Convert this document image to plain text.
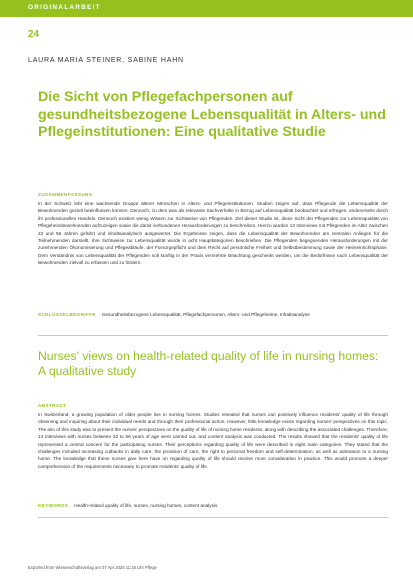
ORIGINALARBEIT
24
LAURA MARIA STEINER, SABINE HAHN
Die Sicht von Pflegefachpersonen auf gesundheitsbezogene Lebensqualität in Alters- und Pflegeinstitutionen: Eine qualitative Studie
ZUSAMMENFASSUNG
In der Schweiz lebt eine wachsende Gruppe älterer Menschen in Alters- und Pflegeinstitutionen. Studien zeigen auf, dass Pflegende die Lebensqualität der Bewohnenden gezielt beeinflussen können. Dennoch, zu dem was als relevante Sachverhalte in Bezug auf Lebensqualität beobachtet und erfragen, andererseits durch ihr professionelles Handeln. Dennoch existiert wenig Wissen zur Sichtweise von Pflegenden. Ziel dieser Studie ist, diese Sicht der Pflegenden zur Lebensqualität von Pflegeheimbewohnenden aufzuzeigen sowie die damit verbundenen Herausforderungen zu beschreiben. Hierzu wurden 13 Interviews mit Pflegenden im Alter zwischen 22 und 56 Jahren geführt und inhaltsanalytisch ausgewertet. Die Ergebnisse zeigen, dass die Lebensqualität der Bewohnenden am zentralen Anliegen für die Teilnehmenden darstellt. Ihre Sichtweise zur Lebensqualität wurde in acht Hauptkategorien beschrieben. Die Pflegenden begegnenden Herausforderungen mit der zunehmenden Ökonomisierung und Pflegeabläufe, der Fürsorgepflicht und dem Recht auf persönliche Freiheit und Selbstbestimmung sowie der Heimeinrichtsphase. Dem Verständnis von Lebensqualität der Pflegenden soll künftig in der Praxis vermehrte Beachtung geschenkt werden, um die Bedürfnisse nach Lebensqualität der Bewohnenden zielvoll zu erfassen und zu fördern.
SCHLÜSSELBEGRIFFE Gesundheitsbezogene Lebensqualität, Pflegefachpersonen, Alters- und Pflegeheime, Inhaltsanalyse
Nurses' views on health-related quality of life in nursing homes: A qualitative study
ABSTRACT
In Switzerland, a growing population of older people live in nursing homes. Studies revealed that nurses can positively influence residents' quality of life through observing and inquiring about their individual needs and through their professional action. However, little knowledge exists regarding nurses' perspectives on this topic. The aim of this study was to present the nurses' perspectives on the quality of life of nursing home residents, along with describing the associated challenges. Therefore, 13 interviews with nurses between 22 to 56 years of age were carried out, and content analysis was conducted. The results showed that the residents' quality of life represented a central concern for the participating nurses. Their perceptions regarding quality of life were described in eight main categories. They stated that the challenges included increasing cutbacks in daily care, the provision of care, the right to personal freedom and self-determination, as well as admission to a nursing home. The knowledge that these nurses give here have on regarding quality of life should receive more consideration in practice. This would promote a deeper comprehension of the requirements necessary to promote residents' quality of life.
KEYWORDS Health-related quality of life, nurses, nursing homes, content analysis
Exported from Wissenschaftsverlag am 07 Apr 2025 11:16 Uhr Pflege
